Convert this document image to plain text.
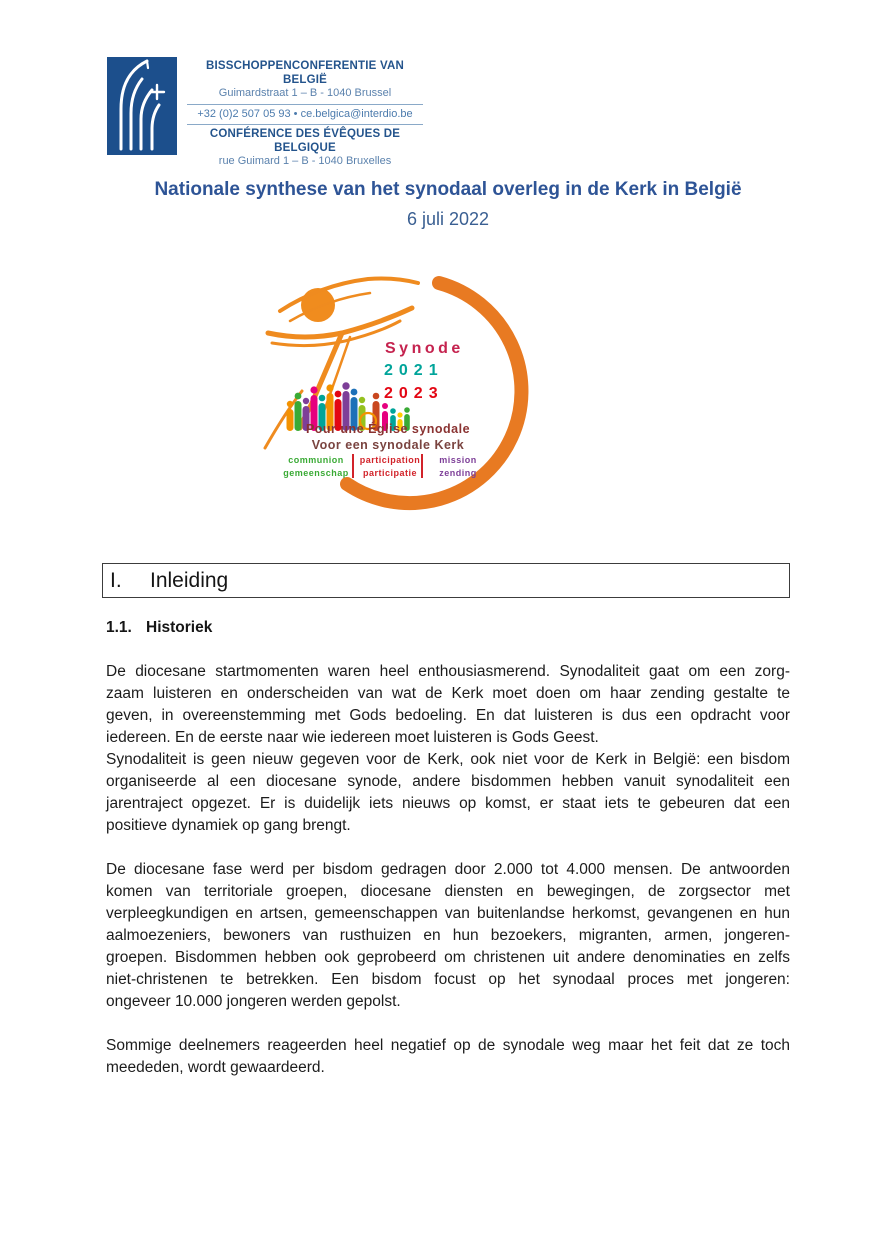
BISSCHOPPENCONFERENTIE VAN BELGIË
Guimardstraat 1 – B - 1040 Brussel
+32 (0)2 507 05 93 • ce.belgica@interdio.be
CONFÉRENCE DES ÉVÊQUES DE BELGIQUE
rue Guimard 1 – B - 1040 Bruxelles
Nationale synthese van het synodaal overleg in de Kerk in België
6 juli 2022
Synode
2021
2023
Pour une Église synodale
Voor een synodale Kerk
communion
gemeenschap
participation
participatie
mission
zending
I.	Inleiding
1.1. Historiek
De diocesane startmomenten waren heel enthousiasmerend. Synodaliteit gaat om een zorg-
zaam luisteren en onderscheiden van wat de Kerk moet doen om haar zending gestalte te
geven, in overeenstemming met Gods bedoeling. En dat luisteren is dus een opdracht voor
iedereen. En de eerste naar wie iedereen moet luisteren is Gods Geest.
Synodaliteit is geen nieuw gegeven voor de Kerk, ook niet voor de Kerk in België: een bisdom
organiseerde al een diocesane synode, andere bisdommen hebben vanuit synodaliteit een
jarentraject opgezet. Er is duidelijk iets nieuws op komst, er staat iets te gebeuren dat een
positieve dynamiek op gang brengt.
De diocesane fase werd per bisdom gedragen door 2.000 tot 4.000 mensen. De antwoorden
komen van territoriale groepen, diocesane diensten en bewegingen, de zorgsector met
verpleegkundigen en artsen, gemeenschappen van buitenlandse herkomst, gevangenen en hun
aalmoezeniers, bewoners van rusthuizen en hun bezoekers, migranten, armen, jongeren-
groepen. Bisdommen hebben ook geprobeerd om christenen uit andere denominaties en zelfs
niet-christenen te betrekken. Een bisdom focust op het synodaal proces met jongeren:
ongeveer 10.000 jongeren werden gepolst.
Sommige deelnemers reageerden heel negatief op de synodale weg maar het feit dat ze toch
meededen, wordt gewaardeerd.
